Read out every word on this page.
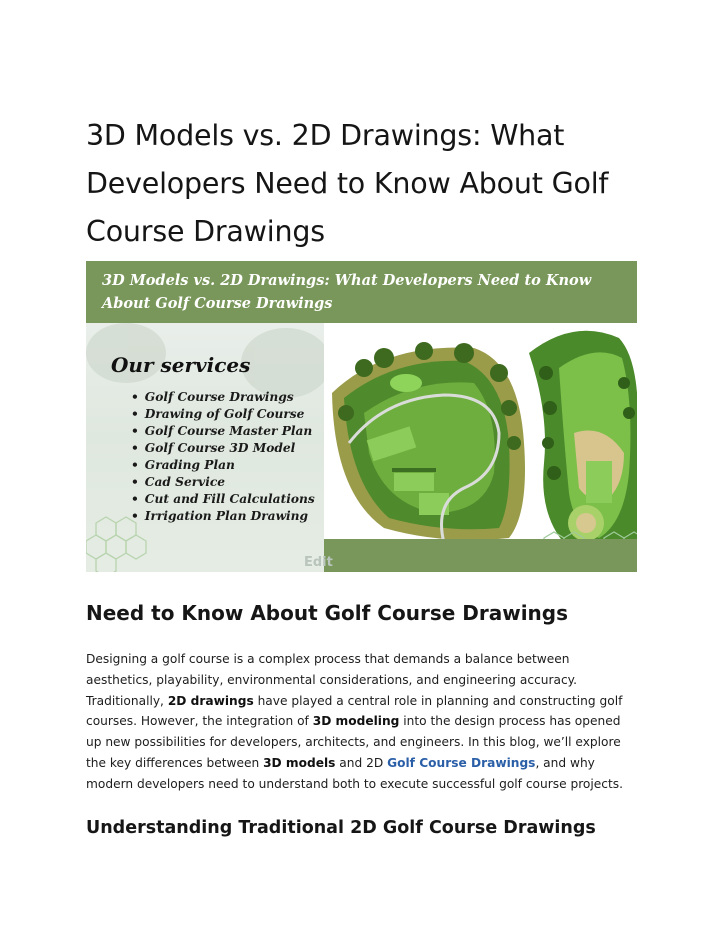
3D Models vs. 2D Drawings: What Developers Need to Know About Golf Course Drawings
3D Models vs. 2D Drawings: What Developers Need to Know About Golf Course Drawings
Our services
• Golf Course Drawings
• Drawing of Golf Course
• Golf Course Master Plan
• Golf Course 3D Model
• Grading Plan
• Cad Service
• Cut and Fill Calculations
• Irrigation Plan Drawing
Edit
Need to Know About Golf Course Drawings

Designing a golf course is a complex process that demands a balance between aesthetics, playability, environmental considerations, and engineering accuracy. Traditionally, 2D drawings have played a central role in planning and constructing golf courses. However, the integration of 3D modeling into the design process has opened up new possibilities for developers, architects, and engineers. In this blog, we’ll explore the key differences between 3D models and 2D Golf Course Drawings, and why modern developers need to understand both to execute successful golf course projects.

Understanding Traditional 2D Golf Course Drawings
